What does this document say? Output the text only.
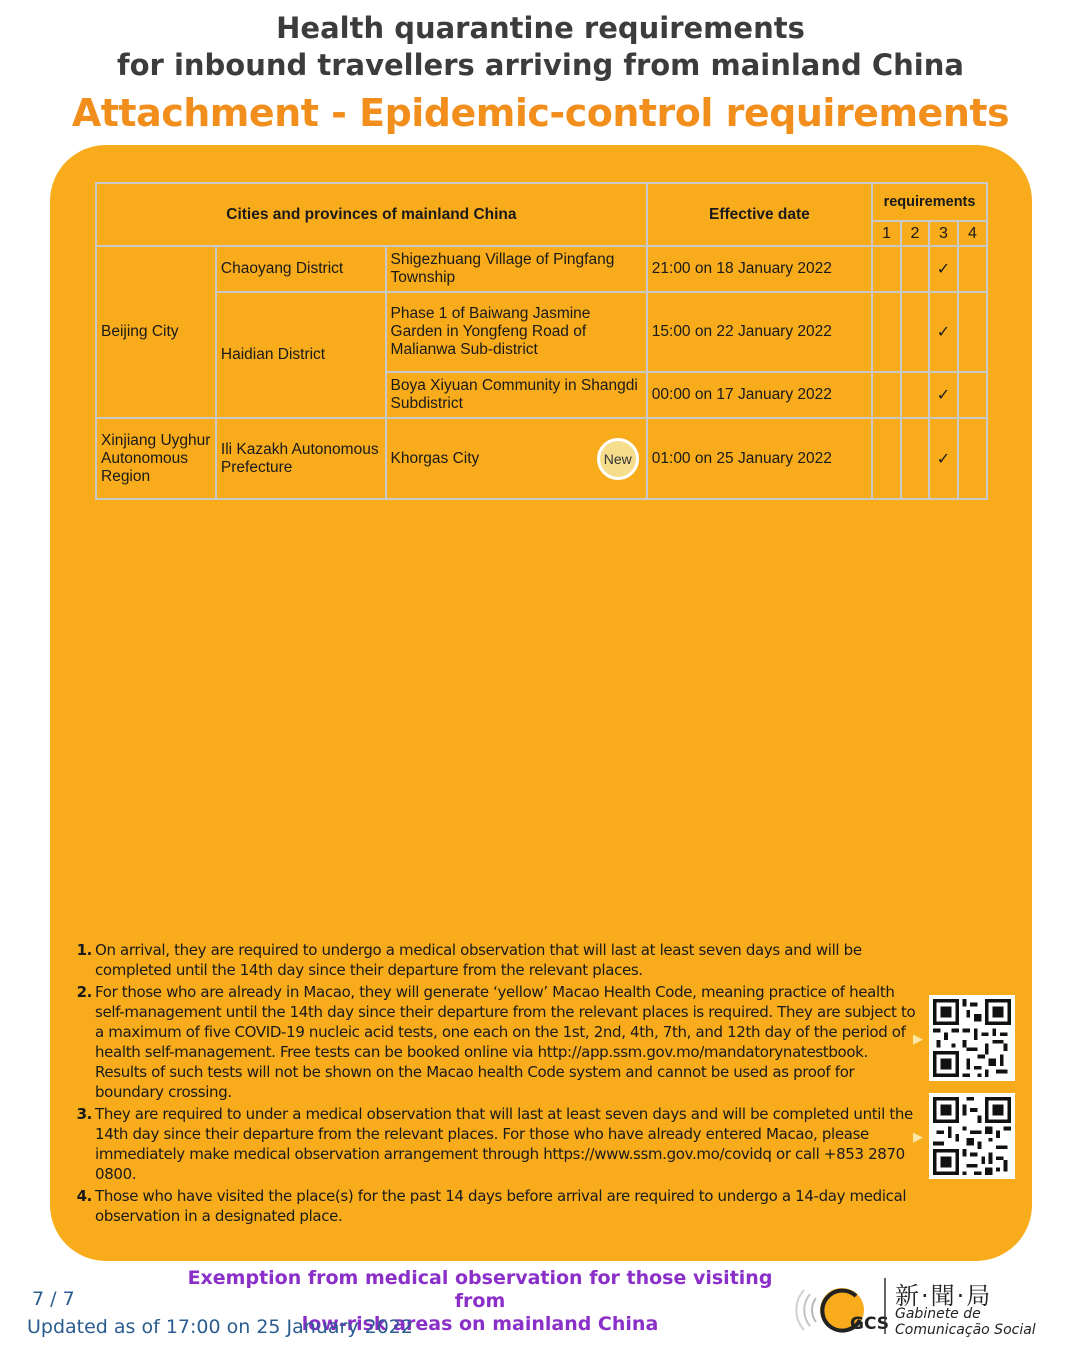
Health quarantine requirements
for inbound travellers arriving from mainland China
Attachment - Epidemic-control requirements
Cities and provinces of mainland China			Effective date	requirements			
				1	2	3	4
Beijing City	Chaoyang District	Shigezhuang Village of Pingfang Township	21:00 on 18 January 2022			✓	
	Haidian District	Phase 1 of Baiwang Jasmine Garden in Yongfeng Road of Malianwa Sub-district	15:00 on 22 January 2022			✓	
		Boya Xiyuan Community in Shangdi Subdistrict	00:00 on 17 January 2022			✓	
Xinjiang Uyghur Autonomous Region	Ili Kazakh Autonomous Prefecture	Khorgas City New	01:00 on 25 January 2022			✓	
1. On arrival, they are required to undergo a medical observation that will last at least seven days and will be completed until the 14th day since their departure from the relevant places.
2. For those who are already in Macao, they will generate ‘yellow’ Macao Health Code, meaning practice of health self-management until the 14th day since their departure from the relevant places is required. They are subject to a maximum of five COVID-19 nucleic acid tests, one each on the 1st, 2nd, 4th, 7th, and 12th day of the period of health self-management. Free tests can be booked online via http://app.ssm.gov.mo/mandatorynatestbook. Results of such tests will not be shown on the Macao health Code system and cannot be used as proof for boundary crossing.
3. They are required to under a medical observation that will last at least seven days and will be completed until the 14th day since their departure from the relevant places. For those who have already entered Macao, please immediately make medical observation arrangement through https://www.ssm.gov.mo/covidq or call +853 2870 0800.
4. Those who have visited the place(s) for the past 14 days before arrival are required to undergo a 14-day medical observation in a designated place.
▶
▶
Exemption from medical observation for those visiting from
low-risk areas on mainland China
7 / 7
Updated as of 17:00 on 25 January 2022	GCS
新·聞·局
Gabinete de
Comunicação Social
